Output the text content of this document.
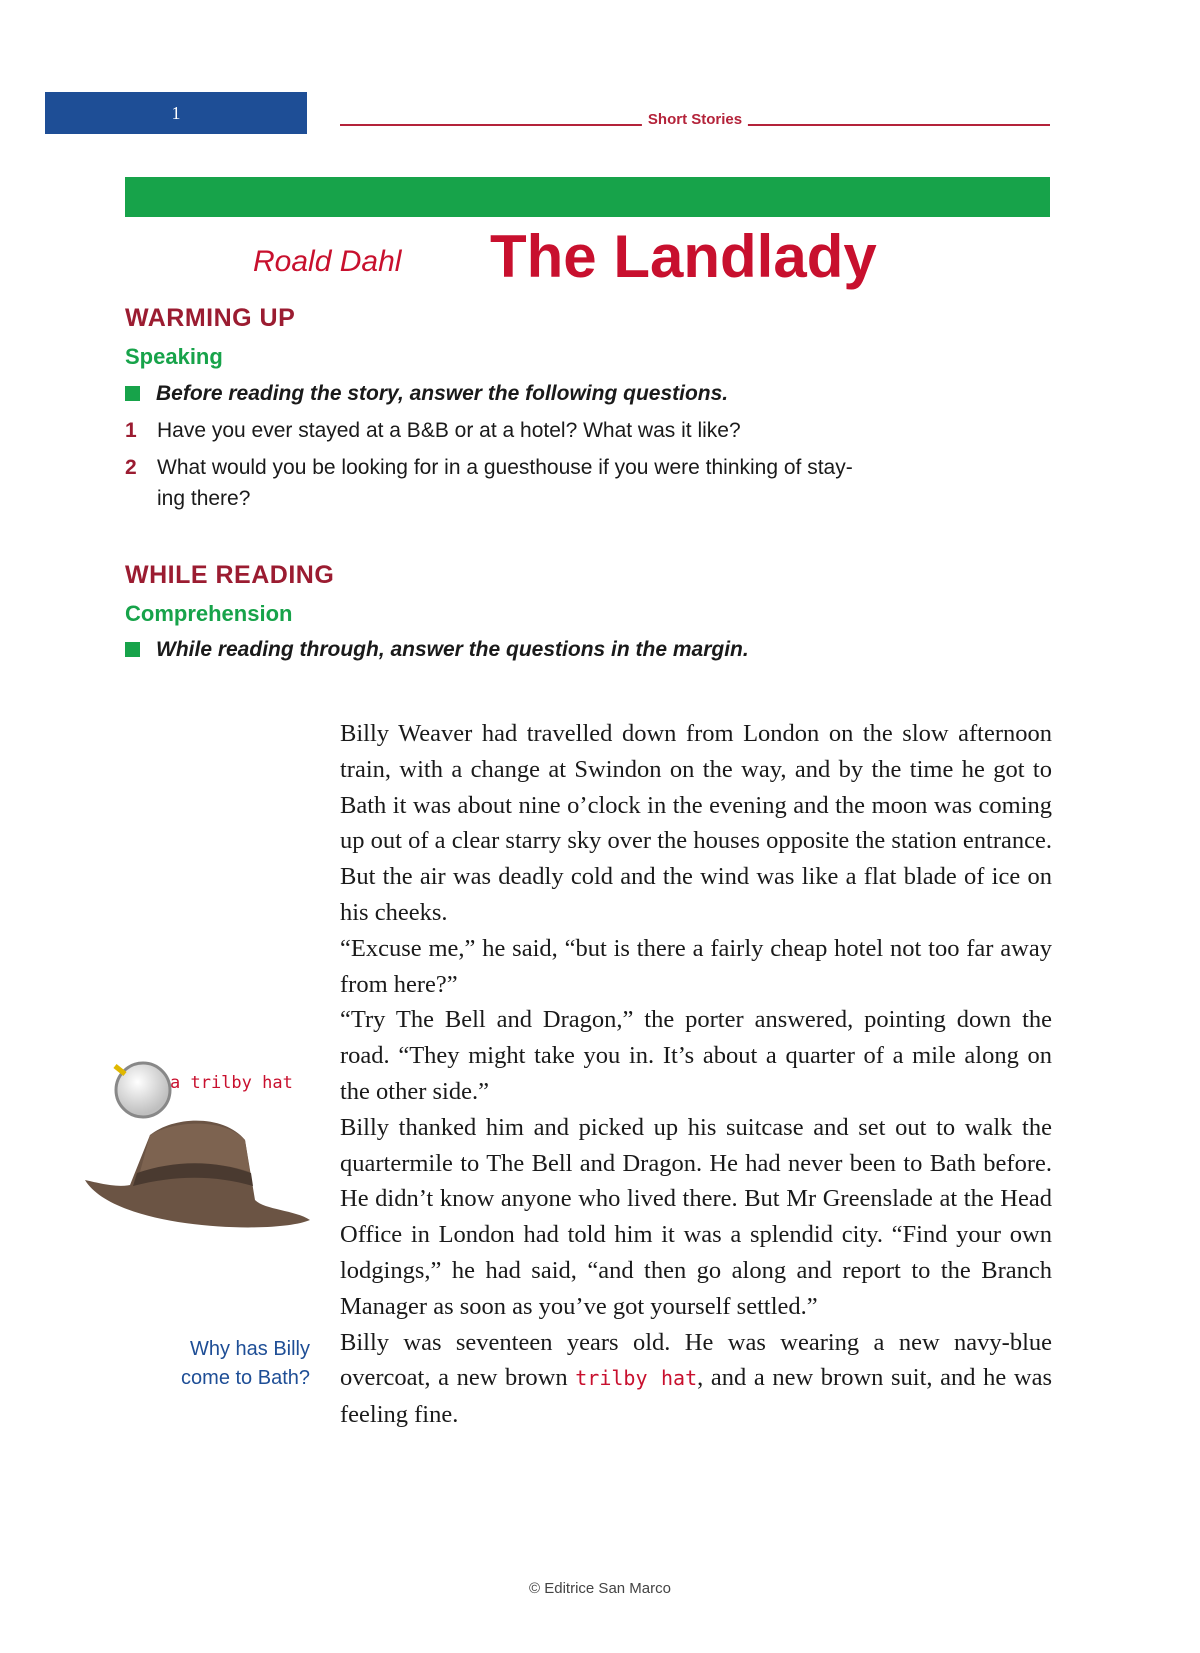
1	Short Stories
Roald Dahl The Landlady
WARMING UP
Speaking
Before reading the story, answer the following questions.
1 Have you ever stayed at a B&B or at a hotel? What was it like?
2 What would you be looking for in a guesthouse if you were thinking of stay-
ing there?
WHILE READING
Comprehension
While reading through, answer the questions in the margin.
a trilby hat
Why has Billy come to Bath?

Billy Weaver had travelled down from London on the slow afternoon train, with a change at Swindon on the way, and by the time he got to Bath it was about nine o’clock in the evening and the moon was coming up out of a clear starry sky over the houses opposite the station entrance. But the air was deadly cold and the wind was like a flat blade of ice on his cheeks.

“Excuse me,” he said, “but is there a fairly cheap hotel not too far away from here?”

“Try The Bell and Dragon,” the porter answered, pointing down the road. “They might take you in. It’s about a quarter of a mile along on the other side.”

Billy thanked him and picked up his suitcase and set out to walk the quartermile to The Bell and Dragon. He had never been to Bath before. He didn’t know anyone who lived there. But Mr Greenslade at the Head Office in London had told him it was a splendid city. “Find your own lodgings,” he had said, “and then go along and report to the Branch Manager as soon as you’ve got yourself settled.”

Billy was seventeen years old. He was wearing a new navy-blue overcoat, a new brown trilby hat, and a new brown suit, and he was feeling fine.

© Editrice San Marco
